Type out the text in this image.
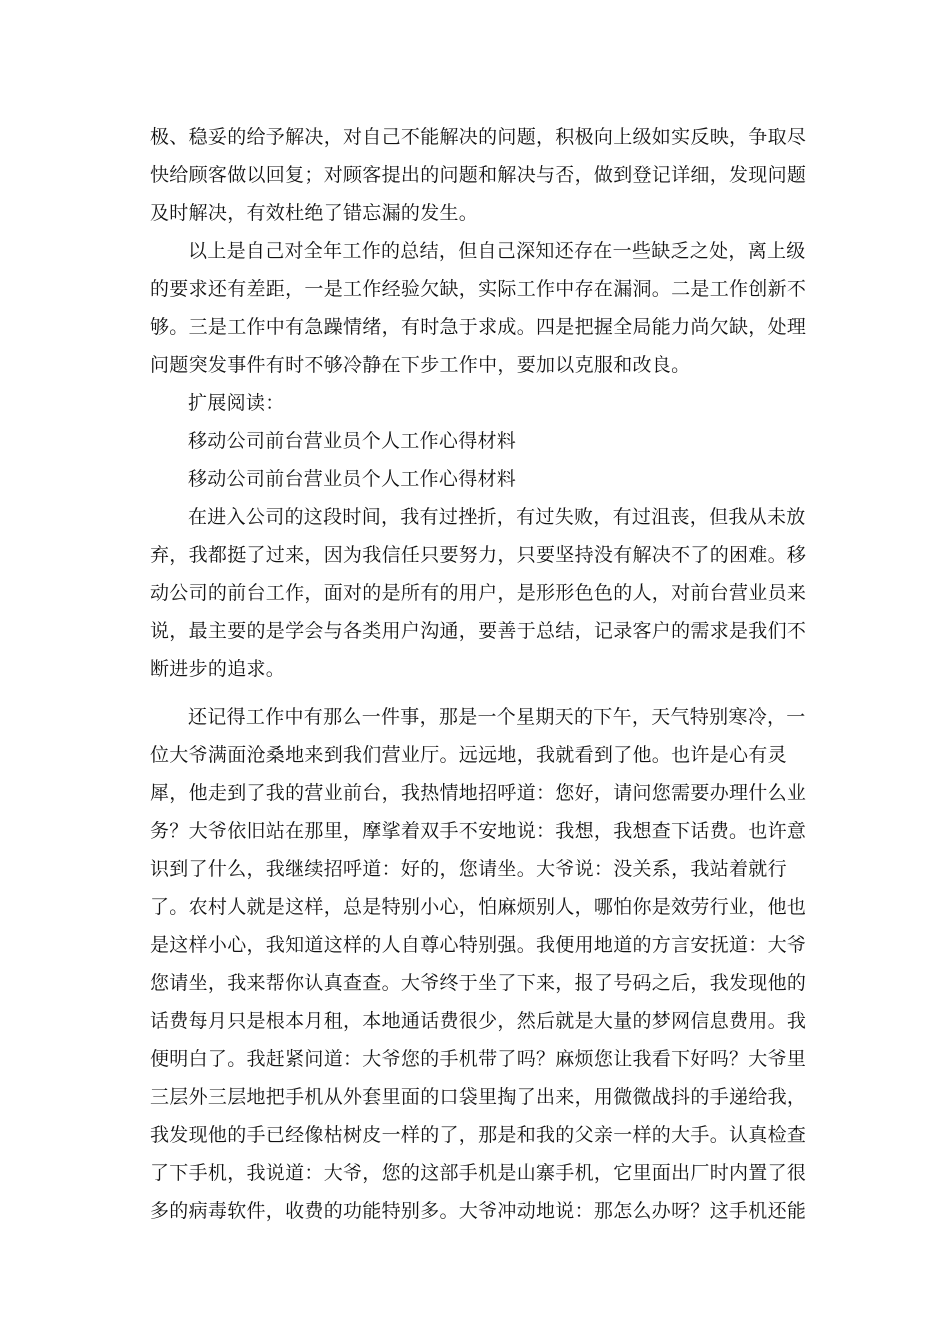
极、稳妥的给予解决，对自己不能解决的问题，积极向上级如实反映，争取尽
快给顾客做以回复；对顾客提出的问题和解决与否，做到登记详细，发现问题
及时解决，有效杜绝了错忘漏的发生。
以上是自己对全年工作的总结，但自己深知还存在一些缺乏之处，离上级
的要求还有差距，一是工作经验欠缺，实际工作中存在漏洞。二是工作创新不
够。三是工作中有急躁情绪，有时急于求成。四是把握全局能力尚欠缺，处理
问题突发事件有时不够冷静在下步工作中，要加以克服和改良。
扩展阅读：
移动公司前台营业员个人工作心得材料
移动公司前台营业员个人工作心得材料
在进入公司的这段时间，我有过挫折，有过失败，有过沮丧，但我从未放
弃，我都挺了过来，因为我信任只要努力，只要坚持没有解决不了的困难。移
动公司的前台工作，面对的是所有的用户，是形形色色的人，对前台营业员来
说，最主要的是学会与各类用户沟通，要善于总结，记录客户的需求是我们不
断进步的追求。
还记得工作中有那么一件事，那是一个星期天的下午，天气特别寒冷，一
位大爷满面沧桑地来到我们营业厅。远远地，我就看到了他。也许是心有灵
犀，他走到了我的营业前台，我热情地招呼道：您好，请问您需要办理什么业
务？大爷依旧站在那里，摩挲着双手不安地说：我想，我想查下话费。也许意
识到了什么，我继续招呼道：好的，您请坐。大爷说：没关系，我站着就行
了。农村人就是这样，总是特别小心，怕麻烦别人，哪怕你是效劳行业，他也
是这样小心，我知道这样的人自尊心特别强。我便用地道的方言安抚道：大爷
您请坐，我来帮你认真查查。大爷终于坐了下来，报了号码之后，我发现他的
话费每月只是根本月租，本地通话费很少，然后就是大量的梦网信息费用。我
便明白了。我赶紧问道：大爷您的手机带了吗？麻烦您让我看下好吗？大爷里
三层外三层地把手机从外套里面的口袋里掏了出来，用微微战抖的手递给我，
我发现他的手已经像枯树皮一样的了，那是和我的父亲一样的大手。认真检查
了下手机，我说道：大爷，您的这部手机是山寨手机，它里面出厂时内置了很
多的病毒软件，收费的功能特别多。大爷冲动地说：那怎么办呀？这手机还能
